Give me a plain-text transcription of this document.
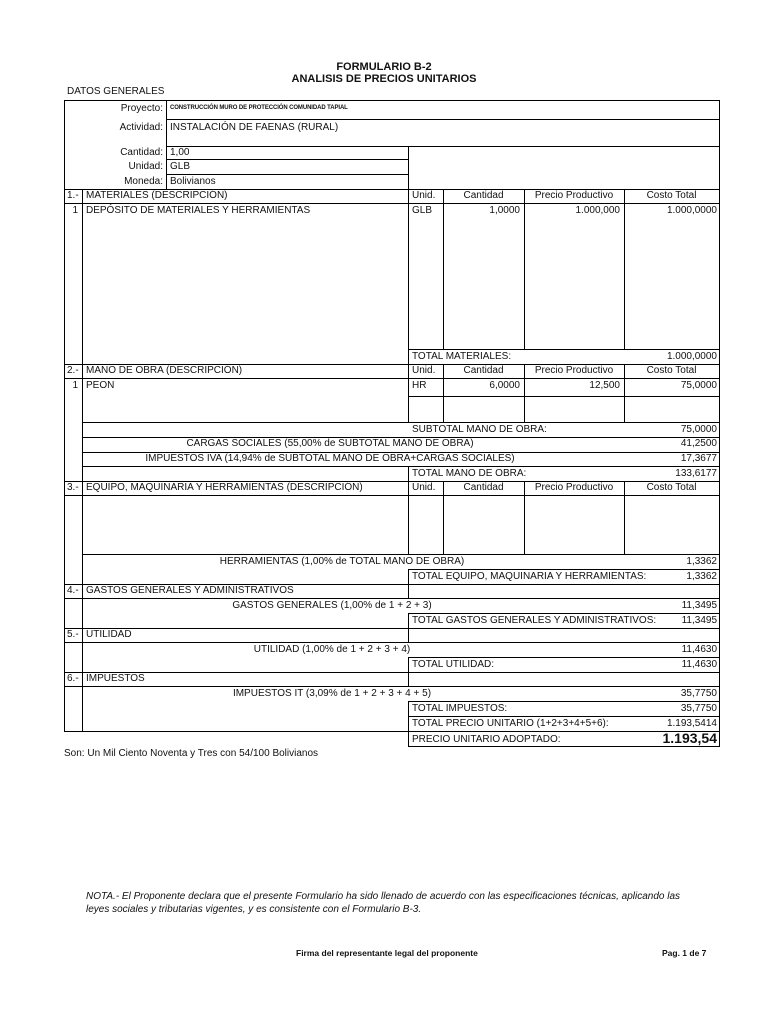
FORMULARIO B-2
ANALISIS DE PRECIOS UNITARIOS
DATOS GENERALES
Proyecto: CONSTRUCCIÓN MURO DE PROTECCIÓN COMUNIDAD TAPIAL
Actividad: INSTALACIÓN DE FAENAS (RURAL)
Cantidad: 1,00
Unidad: GLB
Moneda: Bolivianos
1.- MATERIALES (DESCRIPCIÓN)	Unid.	Cantidad	Precio Productivo	Costo Total
1 DEPÓSITO DE MATERIALES Y HERRAMIENTAS	GLB	1,0000	1.000,000	1.000,0000
TOTAL MATERIALES:	1.000,0000
2.- MANO DE OBRA (DESCRIPCIÓN)	Unid.	Cantidad	Precio Productivo	Costo Total
1 PEON	HR	6,0000	12,500	75,0000
SUBTOTAL MANO DE OBRA:	75,0000
CARGAS SOCIALES (55,00% de SUBTOTAL MANO DE OBRA)	41,2500
IMPUESTOS IVA (14,94% de SUBTOTAL MANO DE OBRA+CARGAS SOCIALES)	17,3677
TOTAL MANO DE OBRA:	133,6177
3.- EQUIPO, MAQUINARIA Y HERRAMIENTAS (DESCRIPCIÓN)	Unid.	Cantidad	Precio Productivo	Costo Total
HERRAMIENTAS (1,00% de TOTAL MANO DE OBRA)	1,3362
TOTAL EQUIPO, MAQUINARIA Y HERRAMIENTAS:	1,3362
4.- GASTOS GENERALES Y ADMINISTRATIVOS
GASTOS GENERALES (1,00% de 1 + 2 + 3)	11,3495
TOTAL GASTOS GENERALES Y ADMINISTRATIVOS:	11,3495
5.- UTILIDAD
UTILIDAD (1,00% de 1 + 2 + 3 + 4)	11,4630
TOTAL UTILIDAD:	11,4630
6.- IMPUESTOS
IMPUESTOS IT (3,09% de 1 + 2 + 3 + 4 + 5)	35,7750
TOTAL IMPUESTOS:	35,7750
TOTAL PRECIO UNITARIO (1+2+3+4+5+6):	1.193,5414
PRECIO UNITARIO ADOPTADO:	1.193,54
Son: Un Mil Ciento Noventa y Tres con 54/100 Bolivianos
NOTA.- El Proponente declara que el presente Formulario ha sido llenado de acuerdo con las especificaciones técnicas, aplicando las leyes sociales y tributarias vigentes, y es consistente con el Formulario B-3.
Firma del representante legal del proponente	Pag. 1 de 7
